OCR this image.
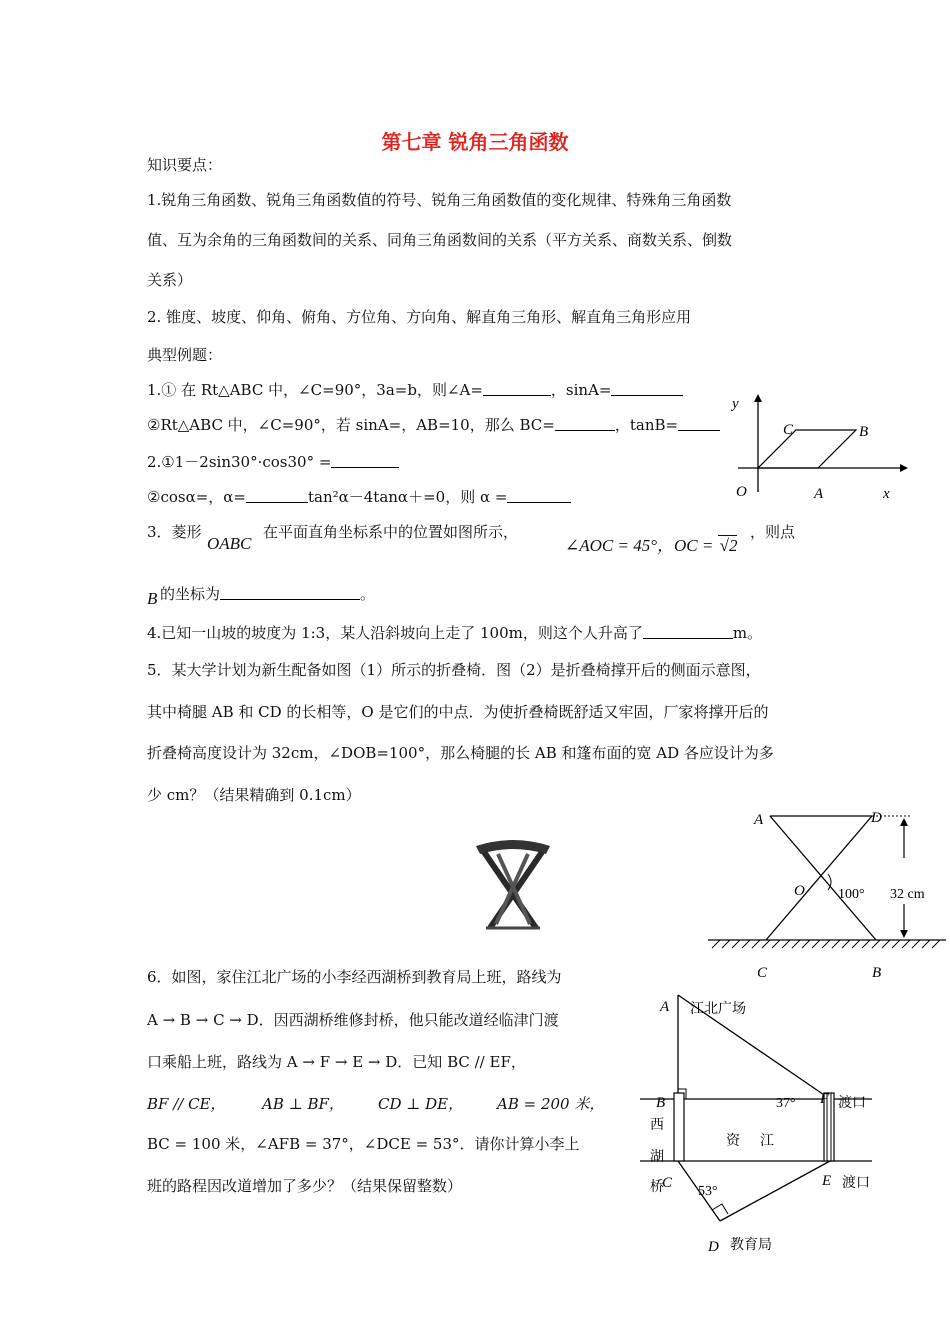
第七章 锐角三角函数
知识要点：
1.锐角三角函数、锐角三角函数值的符号、锐角三角函数值的变化规律、特殊角三角函数
值、互为余角的三角函数间的关系、同角三角函数间的关系（平方关系、商数关系、倒数
关系）
2. 锥度、坡度、仰角、俯角、方位角、方向角、解直角三角形、解直角三角形应用
典型例题：
1.① 在 Rt△ABC 中，∠C=90°，3a=b，则∠A=	，sinA=
②Rt△ABC 中，∠C=90°，若 sinA=，AB=10，那么 BC=	，tanB=
2.①1－2sin30°·cos30° =
②cosα=，α=	tan²α－4tanα＋=0，则 α =
3．菱形
OABC
在平面直角坐标系中的位置如图所示，
∠AOC = 45°，OC = √2
，则点
B 的坐标为	。
4.已知一山坡的坡度为 1:3，某人沿斜坡向上走了 100m，则这个人升高了	m。
5．某大学计划为新生配备如图（1）所示的折叠椅．图（2）是折叠椅撑开后的侧面示意图，
其中椅腿 AB 和 CD 的长相等，O 是它们的中点．为使折叠椅既舒适又牢固，厂家将撑开后的
折叠椅高度设计为 32cm，∠DOB=100°，那么椅腿的长 AB 和篷布面的宽 AD 各应设计为多
少 cm？（结果精确到 0.1cm）
6．如图，家住江北广场的小李经西湖桥到教育局上班，路线为
A → B → C → D．因西湖桥维修封桥，他只能改道经临津门渡
口乘船上班，路线为 A → F → E → D．已知 BC // EF，
BF // CE， AB ⊥ BF， CD ⊥ DE， AB = 200 米，
BC = 100 米，∠AFB = 37°，∠DCE = 53°．请你计算小李上
班的路程因改道增加了多少？（结果保留整数）
y
x
O	A
B
C
A	D
O 100° 32 cm
C	B
A 江北广场
B	37° F 渡口
西
湖
桥
资 江
C
53°
E 渡口
D 教育局
